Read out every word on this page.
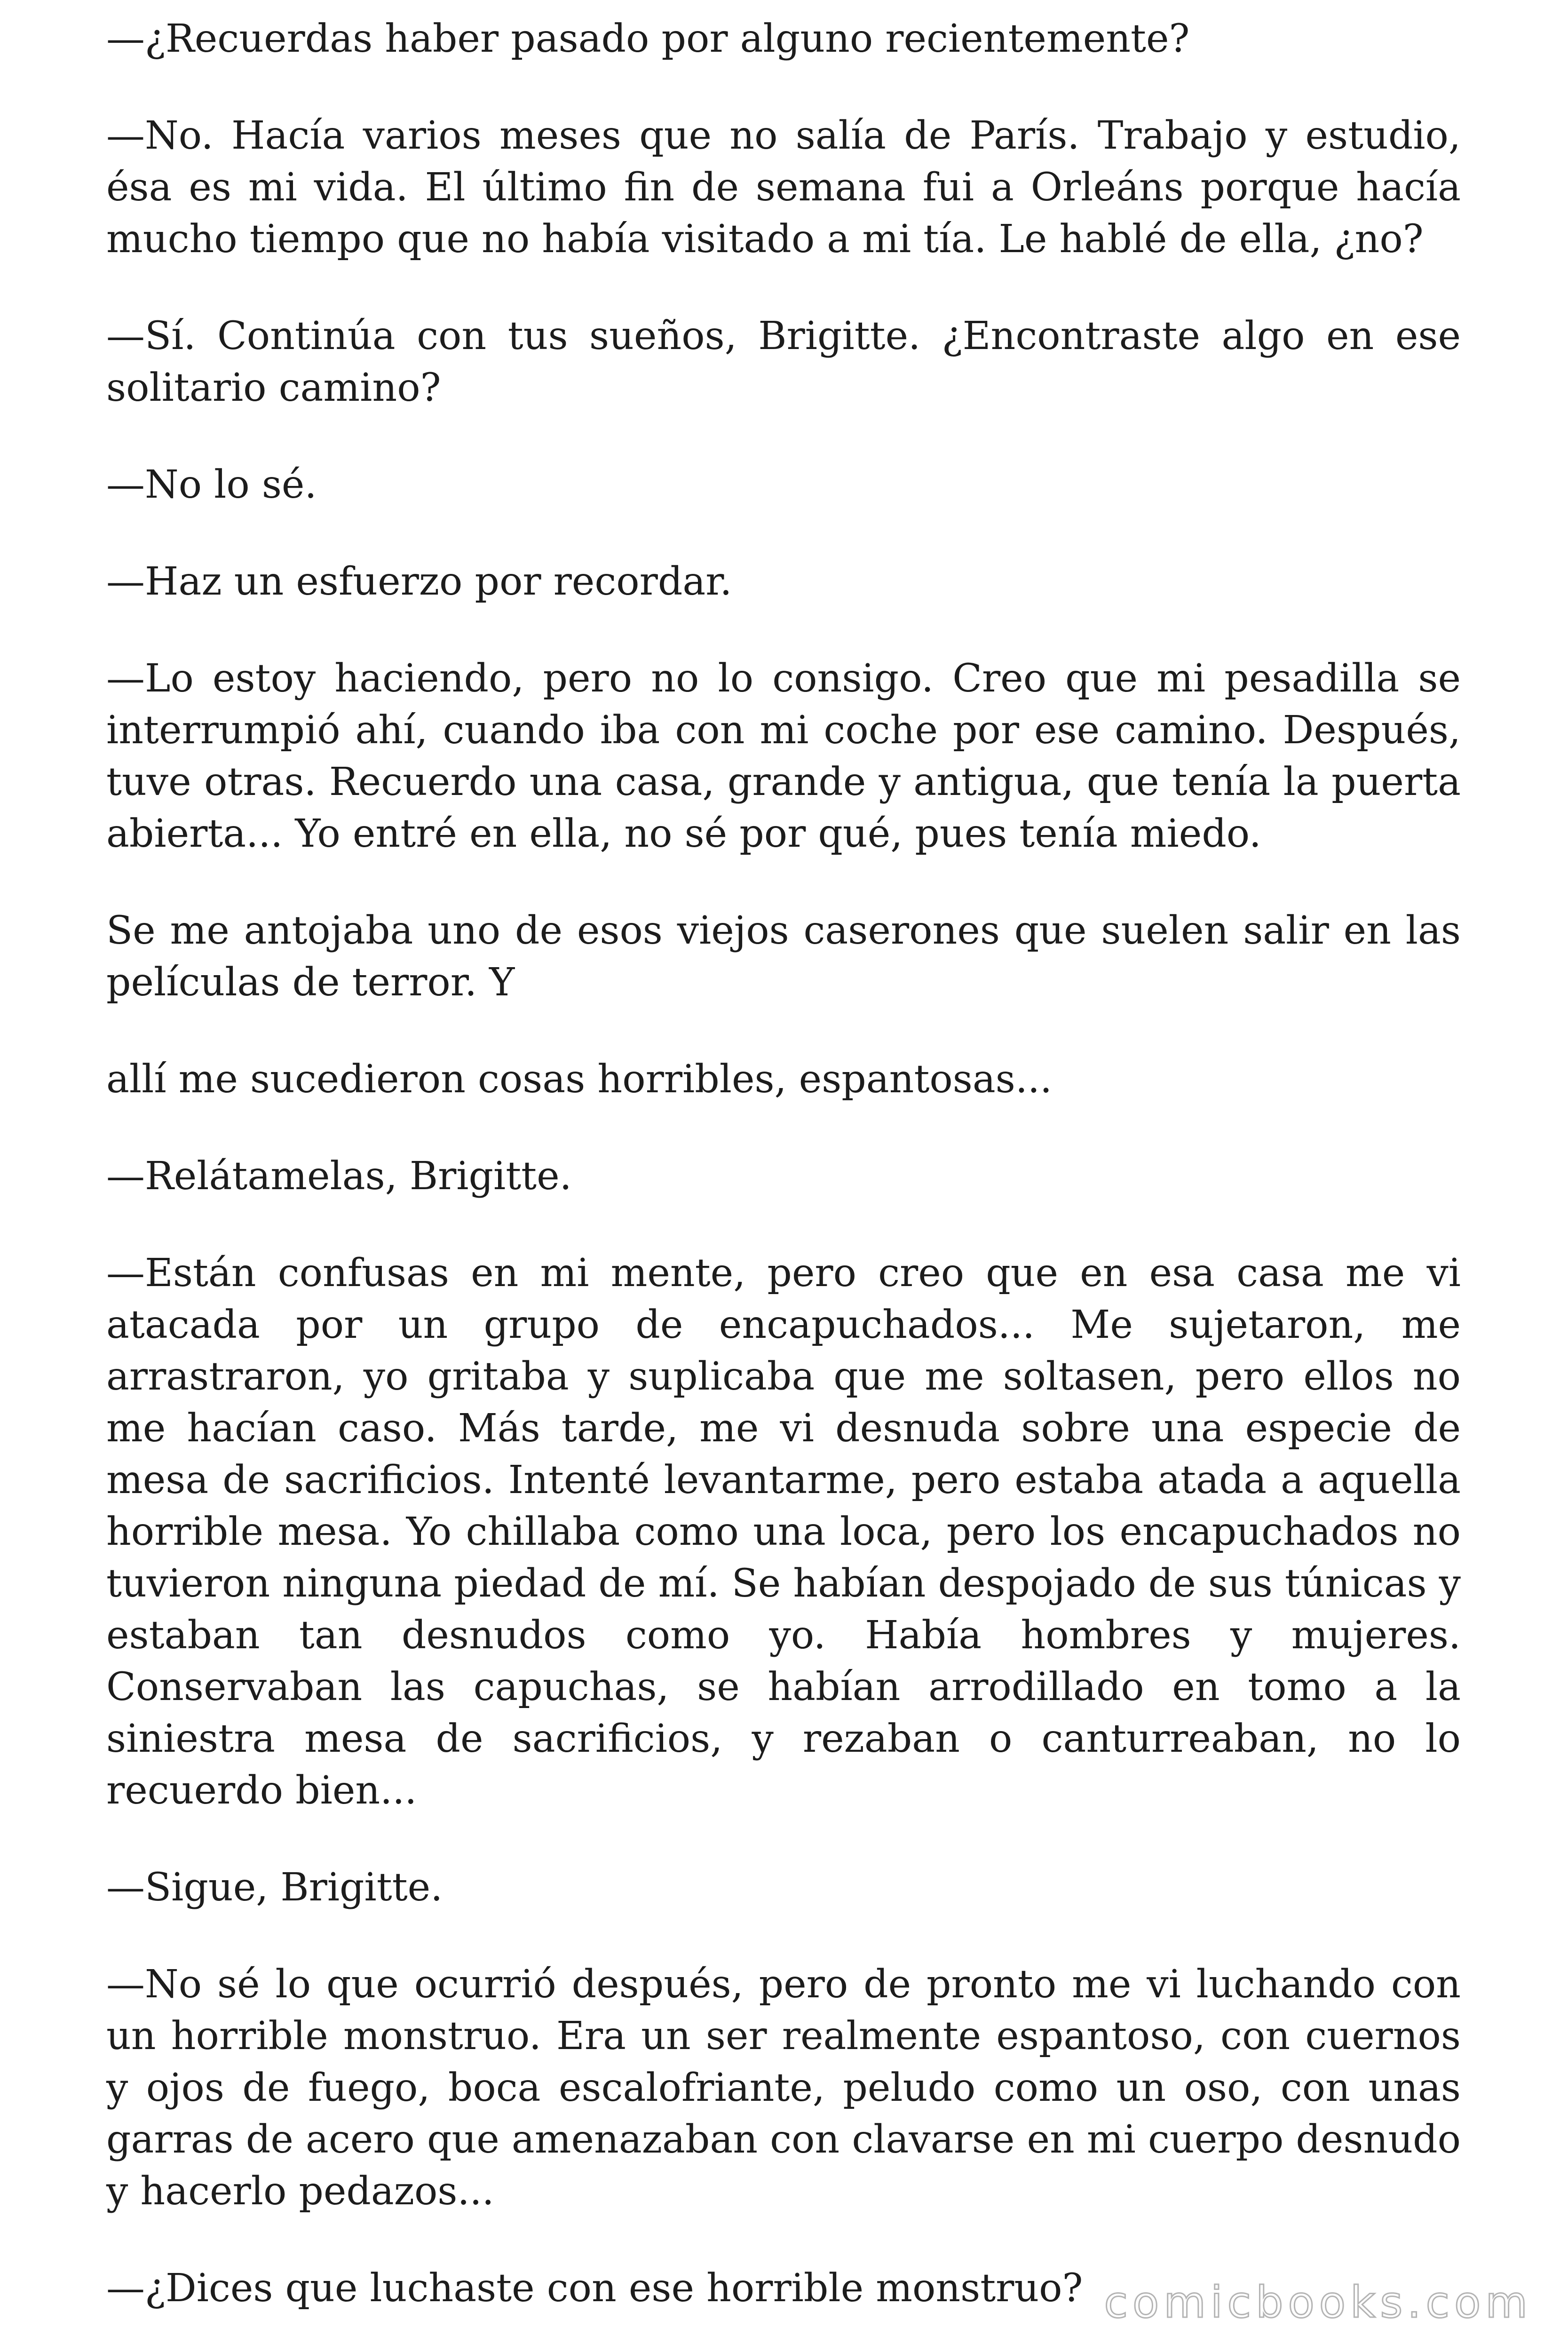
—¿Recuerdas haber pasado por alguno recientemente?

—No. Hacía varios meses que no salía de París. Trabajo y estudio, ésa es mi vida. El último fin de semana fui a Orleáns porque hacía mucho tiempo que no había visitado a mi tía. Le hablé de ella, ¿no?

—Sí. Continúa con tus sueños, Brigitte. ¿Encontraste algo en ese solitario camino?

—No lo sé.

—Haz un esfuerzo por recordar.

—Lo estoy haciendo, pero no lo consigo. Creo que mi pesadilla se interrumpió ahí, cuando iba con mi coche por ese camino. Después, tuve otras. Recuerdo una casa, grande y antigua, que tenía la puerta abierta... Yo entré en ella, no sé por qué, pues tenía miedo.

Se me antojaba uno de esos viejos caserones que suelen salir en las películas de terror. Y

allí me sucedieron cosas horribles, espantosas...

—Relátamelas, Brigitte.

—Están confusas en mi mente, pero creo que en esa casa me vi atacada por un grupo de encapuchados... Me sujetaron, me arrastraron, yo gritaba y suplicaba que me soltasen, pero ellos no me hacían caso. Más tarde, me vi desnuda sobre una especie de mesa de sacrificios. Intenté levantarme, pero estaba atada a aquella horrible mesa. Yo chillaba como una loca, pero los encapuchados no tuvieron ninguna piedad de mí. Se habían despojado de sus túnicas y estaban tan desnudos como yo. Había hombres y mujeres. Conservaban las capuchas, se habían arrodillado en tomo a la siniestra mesa de sacrificios, y rezaban o canturreaban, no lo recuerdo bien...

—Sigue, Brigitte.

—No sé lo que ocurrió después, pero de pronto me vi luchando con un horrible monstruo. Era un ser realmente espantoso, con cuernos y ojos de fuego, boca escalofriante, peludo como un oso, con unas garras de acero que amenazaban con clavarse en mi cuerpo desnudo y hacerlo pedazos...

—¿Dices que luchaste con ese horrible monstruo? comicbooks.com
